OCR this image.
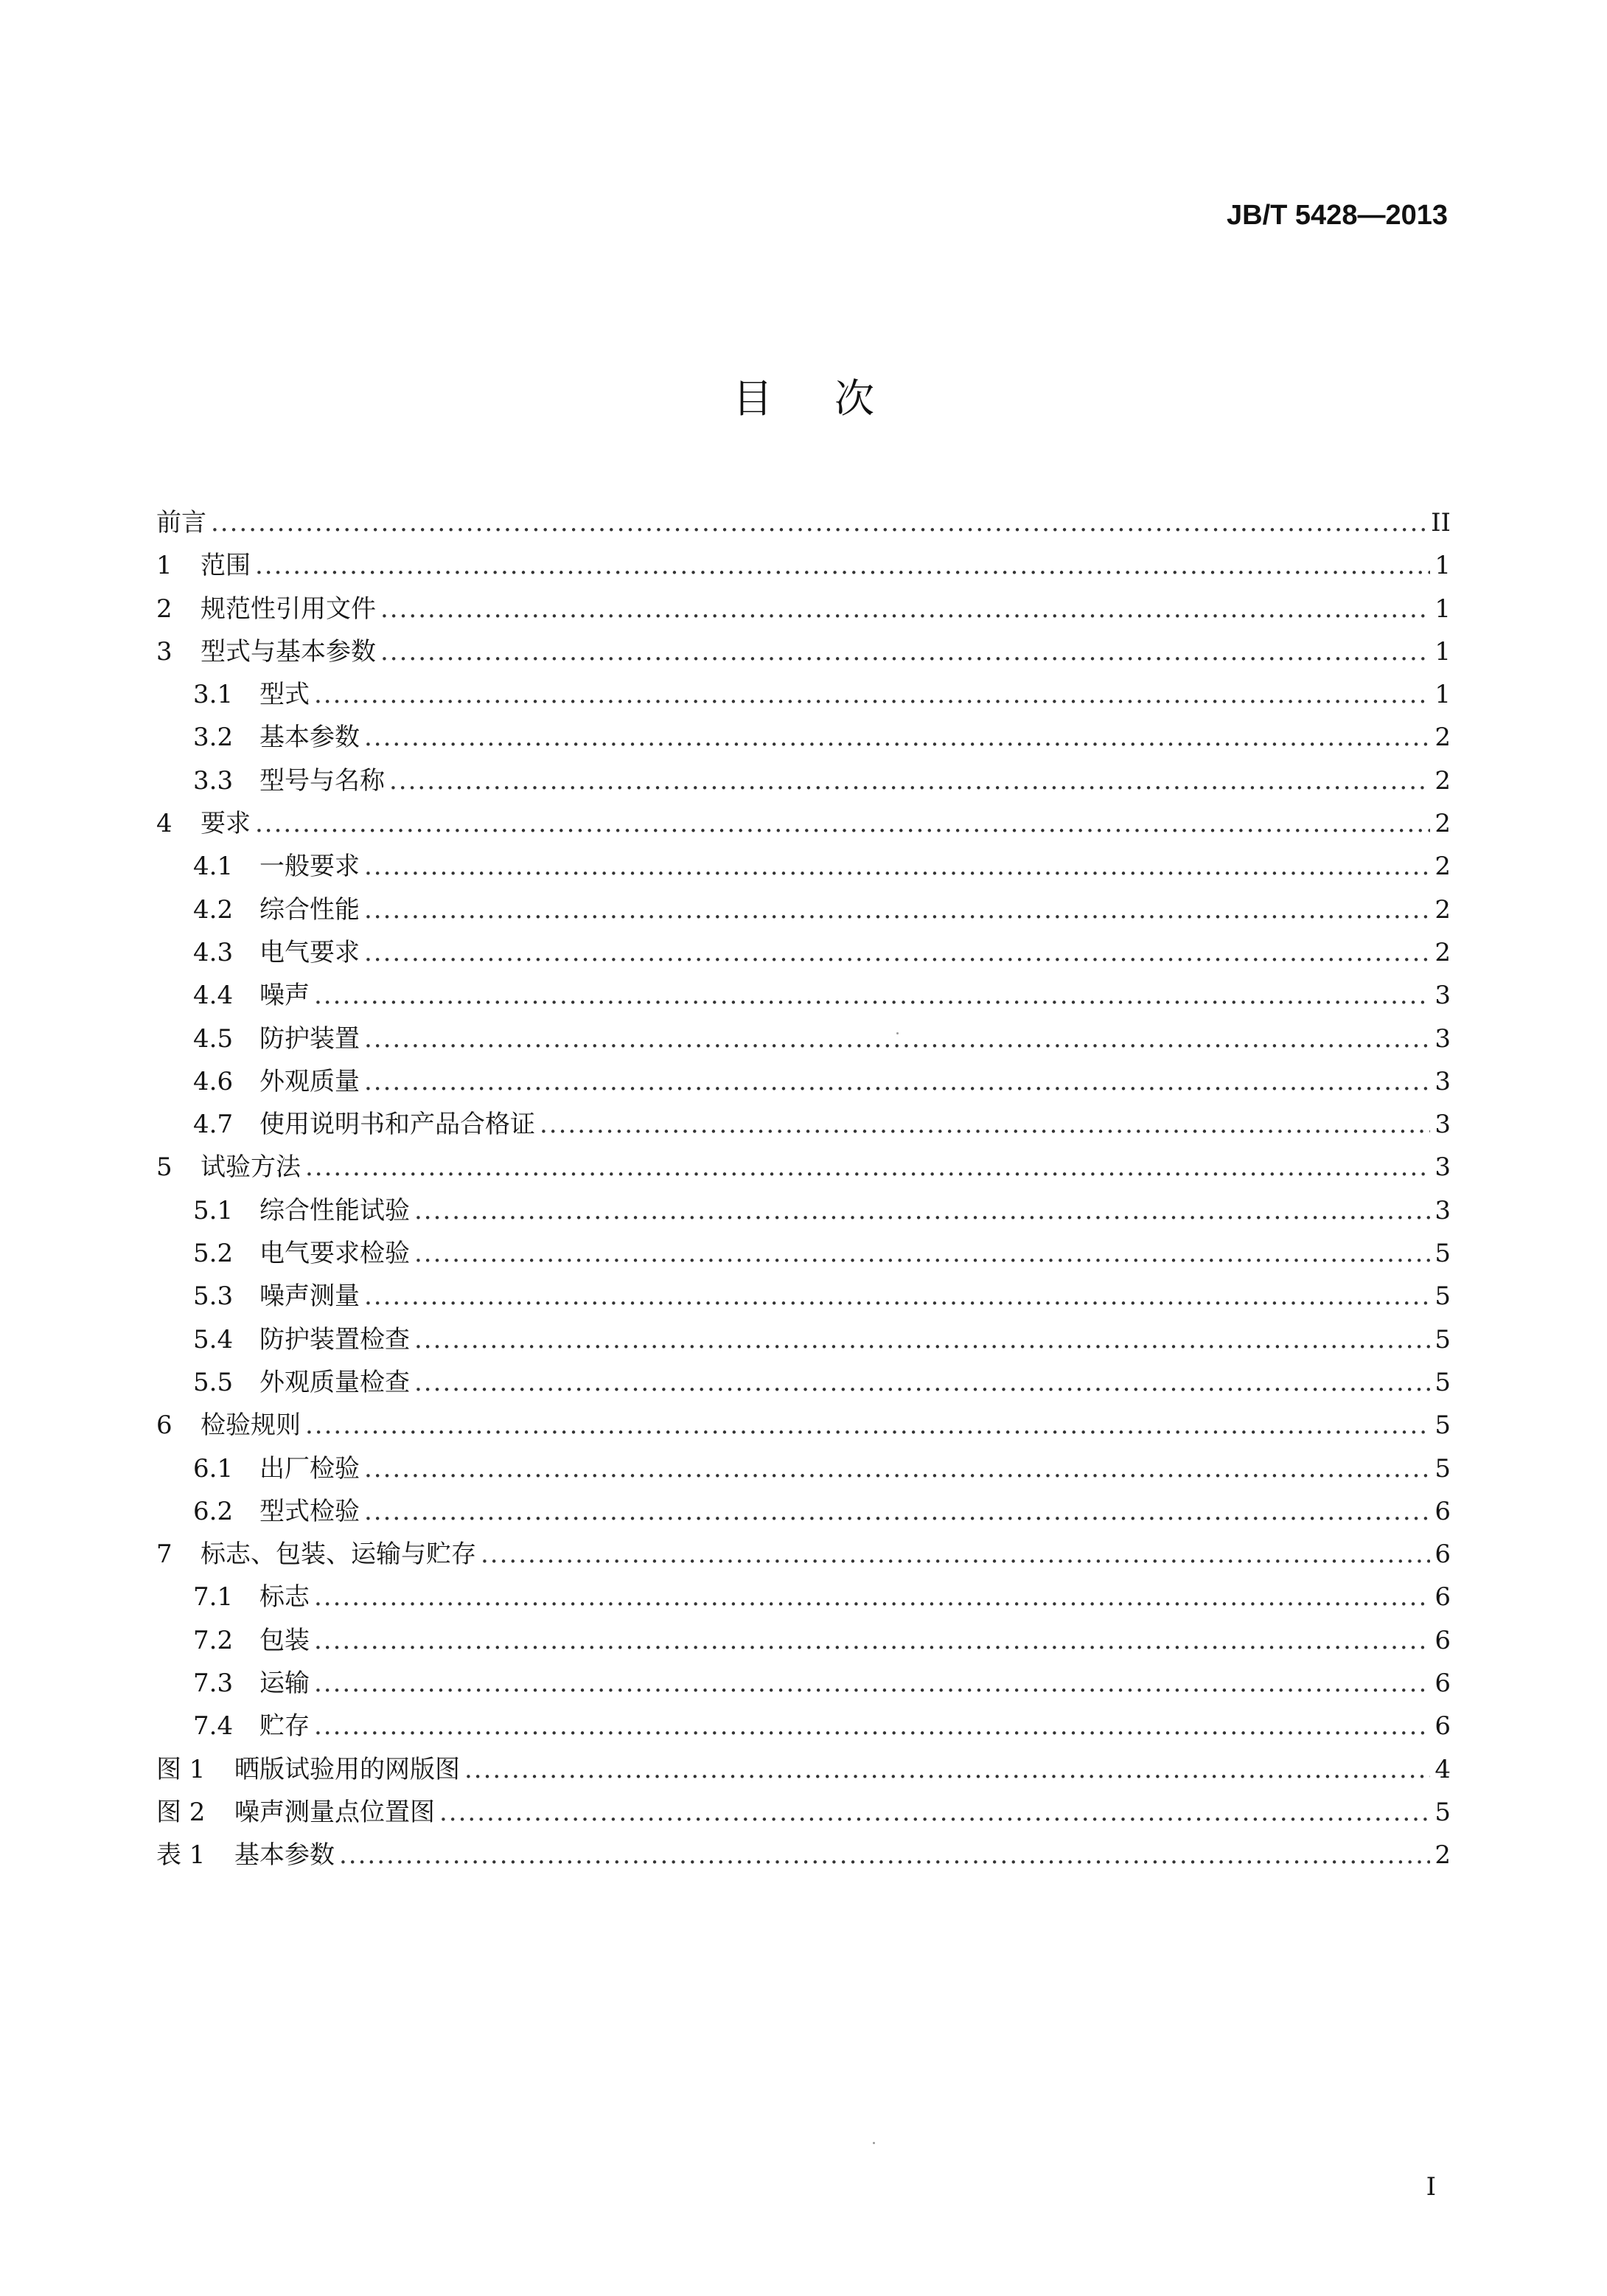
JB/T 5428—2013
目 次
前言 .....	II
1	范围 .....	1
2	规范性引用文件 .....	1
3	型式与基本参数 .....	1
3.1	型式 .....	1
3.2	基本参数 .....	2
3.3	型号与名称 .....	2
4	要求 .....	2
4.1	一般要求 .....	2
4.2	综合性能 .....	2
4.3	电气要求 .....	2
4.4	噪声 .....	3
4.5	防护装置 .....	3
4.6	外观质量 .....	3
4.7	使用说明书和产品合格证 .....	3
5	试验方法 .....	3
5.1	综合性能试验 .....	3
5.2	电气要求检验 .....	5
5.3	噪声测量 .....	5
5.4	防护装置检查 .....	5
5.5	外观质量检查 .....	5
6	检验规则 .....	5
6.1	出厂检验 .....	5
6.2	型式检验 .....	6
7	标志、包装、运输与贮存 .....	6
7.1	标志 .....	6
7.2	包装 .....	6
7.3	运输 .....	6
7.4	贮存 .....	6
图 1	晒版试验用的网版图 .....	4
图 2	噪声测量点位置图 .....	5
表 1	基本参数 .....	2
I
